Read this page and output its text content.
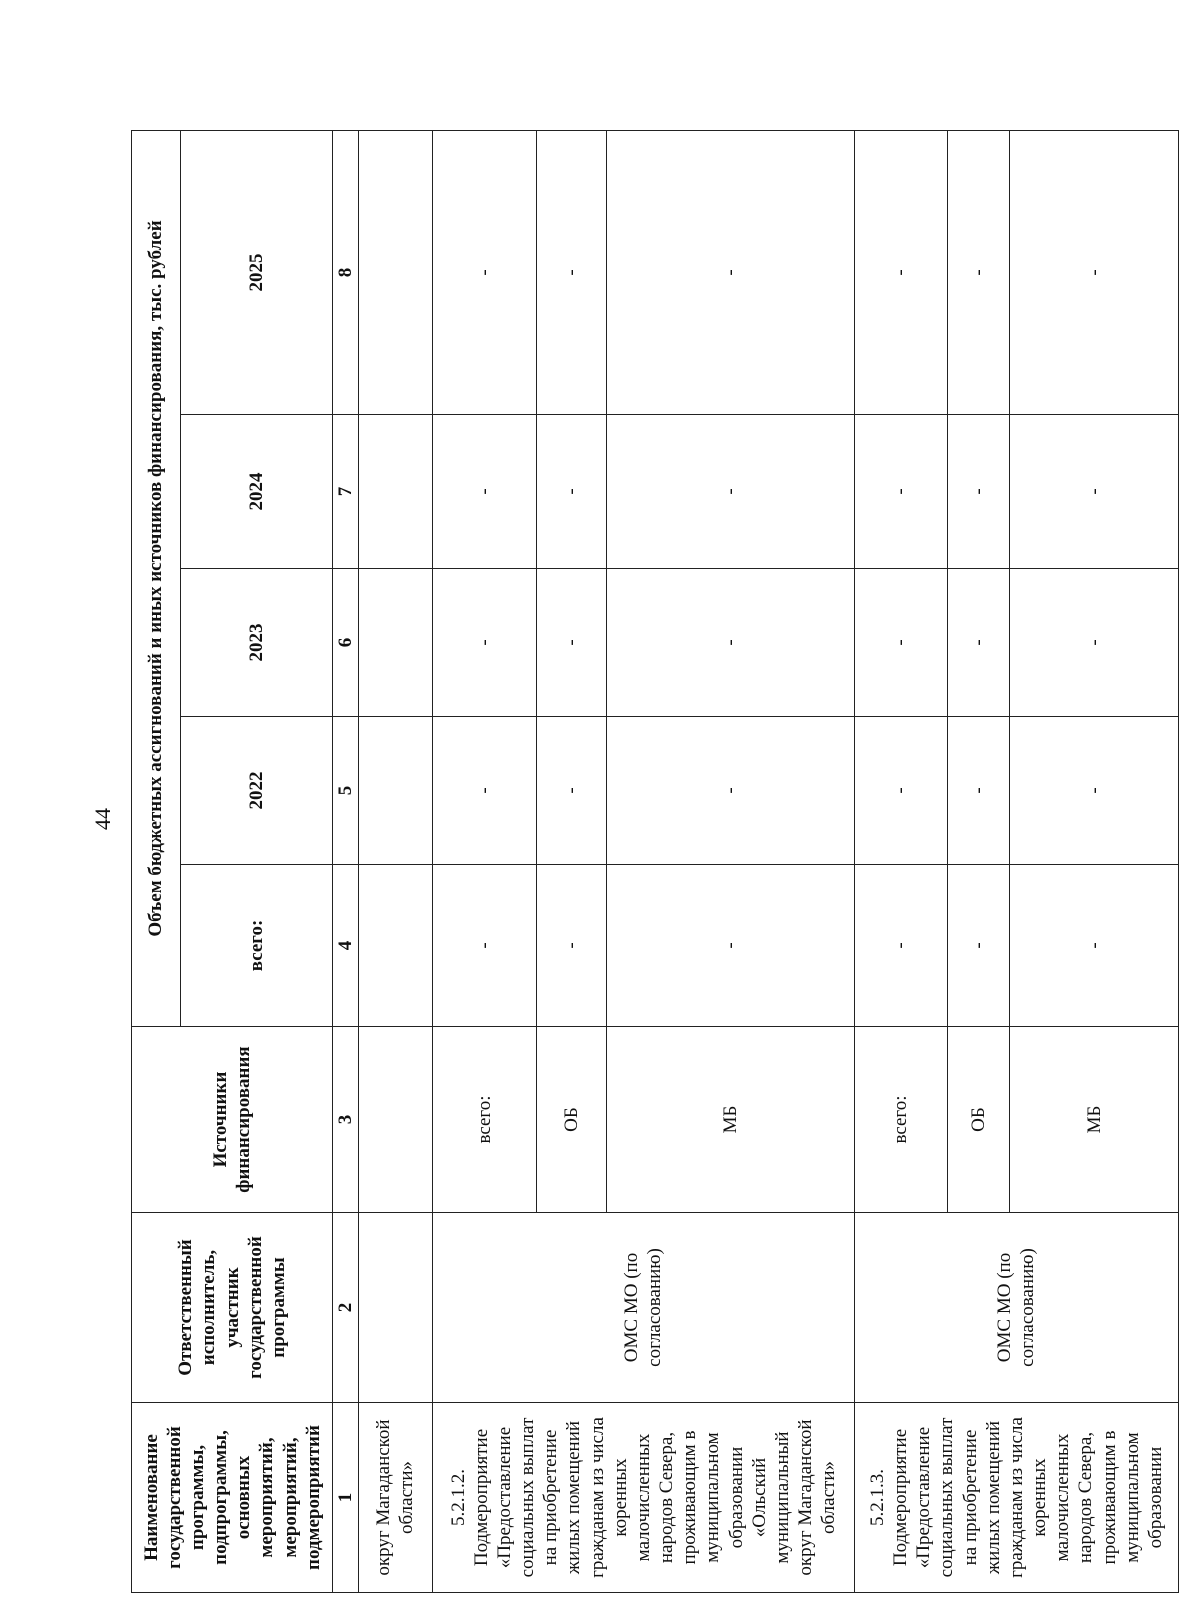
44
Наименование государственной программы, подпрограммы, основных мероприятий, мероприятий, подмероприятий	Ответственный исполнитель, участник государственной программы	Источники финансирования	Объем бюджетных ассигнований и иных источников финансирования, тыс. рублей				
			всего:	2022	2023	2024	2025
1	2	3	4	5	6	7	8
округ Магаданской области»							
5.2.1.2. Подмероприятие «Предоставление социальных выплат на приобретение жилых помещений гражданам из числа коренных малочисленных народов Севера, проживающим в муниципальном образовании «Ольский муниципальный округ Магаданской области»	ОМС МО (по согласованию)	всего:	-	-	-	-	-
		ОБ	-	-	-	-	-
		МБ	-	-	-	-	-
5.2.1.3. Подмероприятие «Предоставление социальных выплат на приобретение жилых помещений гражданам из числа коренных малочисленных народов Севера, проживающим в муниципальном образовании	ОМС МО (по согласованию)	всего:	-	-	-	-	-
		ОБ	-	-	-	-	-
		МБ	-	-	-	-	-
